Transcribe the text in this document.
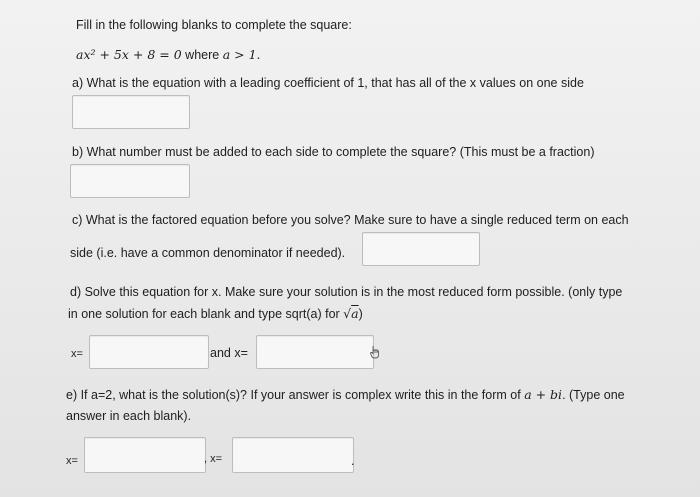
Fill in the following blanks to complete the square:
ax² + 5x + 8 = 0 where a > 1.
a) What is the equation with a leading coefficient of 1, that has all of the x values on one side
b) What number must be added to each side to complete the square? (This must be a fraction)
c) What is the factored equation before you solve? Make sure to have a single reduced term on each
side (i.e. have a common denominator if needed).
d) Solve this equation for x. Make sure your solution is in the most reduced form possible. (only type
in one solution for each blank and type sqrt(a) for √a)
x=	and x=
e) If a=2, what is the solution(s)? If your answer is complex write this in the form of a + bi. (Type one
answer in each blank).
x=	, x=	.
